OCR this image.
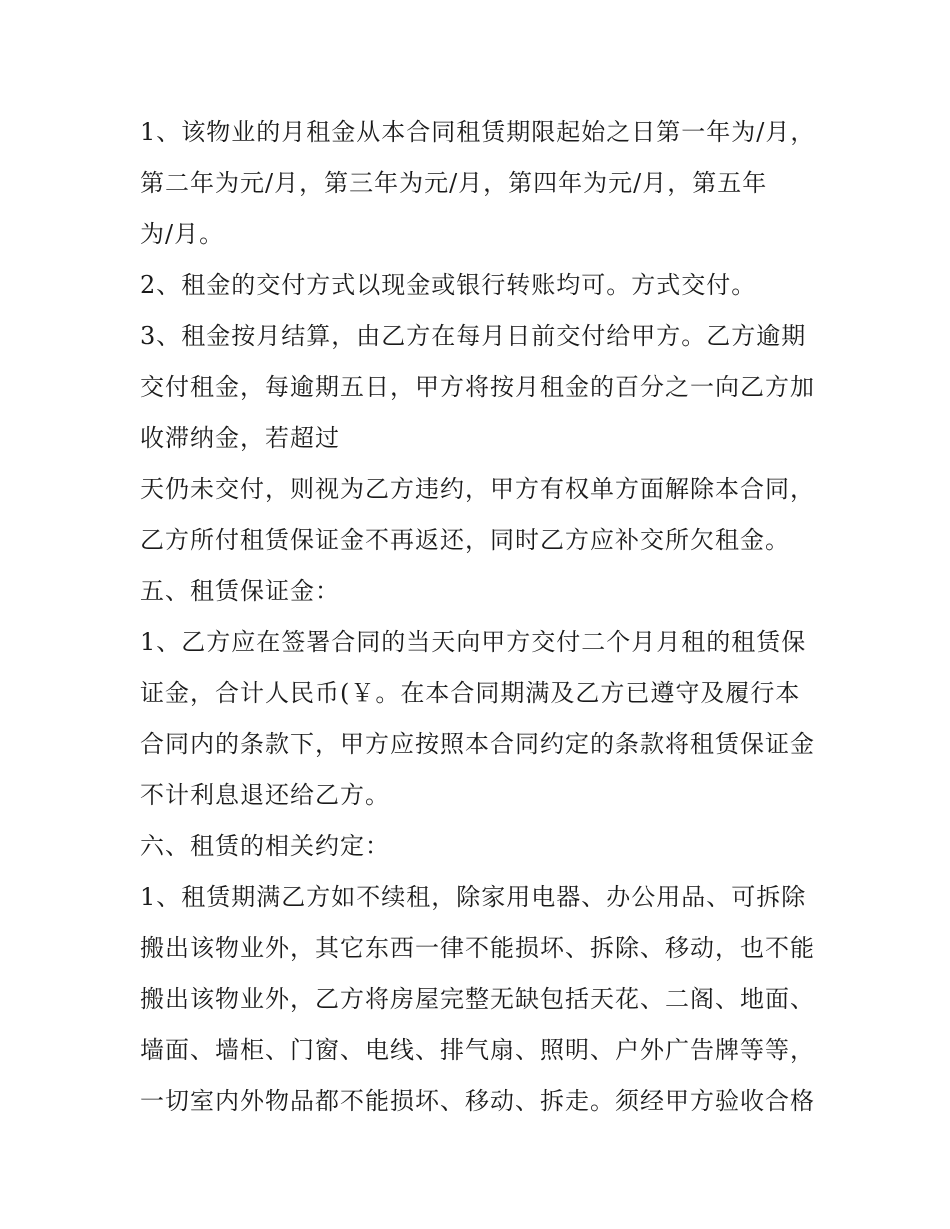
1、该物业的月租金从本合同租赁期限起始之日第一年为/月，
第二年为元/月，第三年为元/月，第四年为元/月，第五年
为/月。
2、租金的交付方式以现金或银行转账均可。方式交付。
3、租金按月结算，由乙方在每月日前交付给甲方。乙方逾期
交付租金，每逾期五日，甲方将按月租金的百分之一向乙方加
收滞纳金，若超过
天仍未交付，则视为乙方违约，甲方有权单方面解除本合同，
乙方所付租赁保证金不再返还，同时乙方应补交所欠租金。
五、租赁保证金：
1、乙方应在签署合同的当天向甲方交付二个月月租的租赁保
证金，合计人民币(￥。在本合同期满及乙方已遵守及履行本
合同内的条款下，甲方应按照本合同约定的条款将租赁保证金
不计利息退还给乙方。
六、租赁的相关约定：
1、租赁期满乙方如不续租，除家用电器、办公用品、可拆除
搬出该物业外，其它东西一律不能损坏、拆除、移动，也不能
搬出该物业外，乙方将房屋完整无缺包括天花、二阁、地面、
墙面、墙柜、门窗、电线、排气扇、照明、户外广告牌等等，
一切室内外物品都不能损坏、移动、拆走。须经甲方验收合格
